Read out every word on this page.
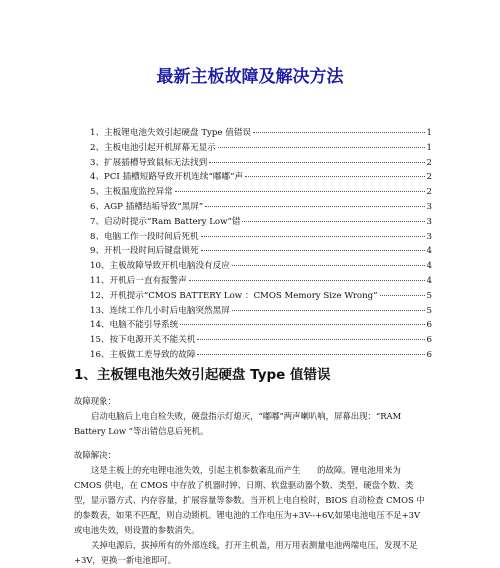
最新主板故障及解决方法
1、主板锂电池失效引起硬盘 Type 值错误	1
2、主板电池引起开机屏幕无显示	1
3、扩展插槽导致鼠标无法找到	2
4、PCI 插槽短路导致开机连续“嘟嘟”声	2
5、主板温度监控异常	2
6、AGP 插槽结垢导致“黑屏”	3
7、启动时提示“Ram Battery Low”错	3
8、电脑工作一段时间后死机	3
9、开机一段时间后键盘锁死	4
10、主板故障导致开机电脑没有反应	4
11、开机后一直有报警声	4
12、开机提示“CMOS BATTERY Low ：CMOS Memory Size Wrong”	5
13、连续工作几小时后电脑突然黑屏	5
14、电脑不能引导系统	6
15、按下电源开关不能关机	6
16、主板做工差导致的故障	6
1、主板锂电池失效引起硬盘 Type 值错误

故障现象：

启动电脑后上电自检失败，硬盘指示灯熄灭，“嘟嘟”两声喇叭响，屏幕出现：“RAM Battery Low ”等出错信息后死机。

故障解决：

这是主板上的充电锂电池失效，引起主机参数紊乱而产生　　的故障。锂电池用来为 CMOS 供电，在 CMOS 中存放了机器时钟、日期、软盘驱动器个数、类型，硬盘个数、类型，显示器方式、内存容量，扩展容量等参数。当开机上电自检时，BIOS 自动检查 CMOS 中的参数表，如果不匹配，则自动锁机。锂电池的工作电压为+3V--+6V,如果电池电压不足+3V 或电池失效，则设置的参数消失。

关掉电源后，拔掉所有的外部连线，打开主机盖，用万用表测量电池两端电压，发现不足+3V，更换一新电池即可。
